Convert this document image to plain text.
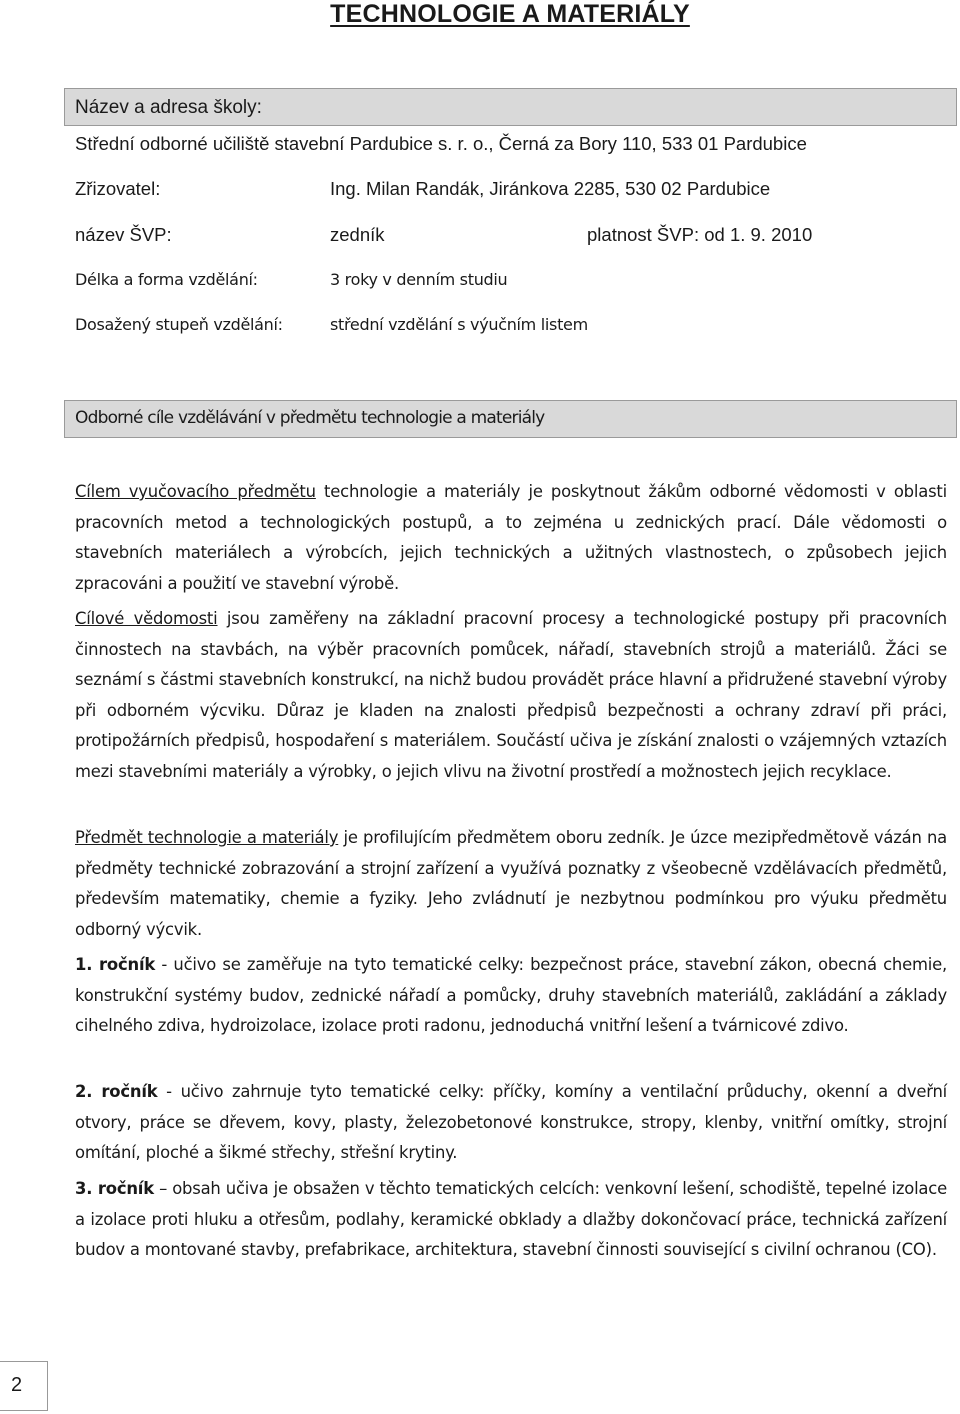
TECHNOLOGIE A MATERIÁLY
Název a adresa školy:
Střední odborné učiliště stavební Pardubice s. r. o., Černá za Bory 110, 533 01 Pardubice
Zřizovatel:	Ing. Milan Randák, Jiránkova 2285, 530 02 Pardubice
název ŠVP:	zedník	platnost ŠVP: od 1. 9. 2010
Délka a forma vzdělání:	3 roky v denním studiu
Dosažený stupeň vzdělání:	střední vzdělání s výučním listem
Odborné cíle vzdělávání v předmětu technologie a materiály

Cílem vyučovacího předmětu technologie a materiály je poskytnout žákům odborné vědomosti v oblasti pracovních metod a technologických postupů, a to zejména u zednických prací. Dále vědomosti o stavebních materiálech a výrobcích, jejich technických a užitných vlastnostech, o způsobech jejich zpracováni a použití ve stavební výrobě.

Cílové vědomosti jsou zaměřeny na základní pracovní procesy a technologické postupy při pracovních činnostech na stavbách, na výběr pracovních pomůcek, nářadí, stavebních strojů a materiálů. Žáci se seznámí s částmi stavebních konstrukcí, na nichž budou provádět práce hlavní a přidružené stavební výroby při odborném výcviku. Důraz je kladen na znalosti předpisů bezpečnosti a ochrany zdraví při práci, protipožárních předpisů, hospodaření s materiálem. Součástí učiva je získání znalosti o vzájemných vztazích mezi stavebními materiály a výrobky, o jejich vlivu na životní prostředí a možnostech jejich recyklace.

Předmět technologie a materiály je profilujícím předmětem oboru zedník. Je úzce mezipředmětově vázán na předměty technické zobrazování a strojní zařízení a využívá poznatky z všeobecně vzdělávacích předmětů, především matematiky, chemie a fyziky. Jeho zvládnutí je nezbytnou podmínkou pro výuku předmětu odborný výcvik.

1. ročník - učivo se zaměřuje na tyto tematické celky: bezpečnost práce, stavební zákon, obecná chemie, konstrukční systémy budov, zednické nářadí a pomůcky, druhy stavebních materiálů, zakládání a základy cihelného zdiva, hydroizolace, izolace proti radonu, jednoduchá vnitřní lešení a tvárnicové zdivo.

2. ročník - učivo zahrnuje tyto tematické celky: příčky, komíny a ventilační průduchy, okenní a dveřní otvory, práce se dřevem, kovy, plasty, železobetonové konstrukce, stropy, klenby, vnitřní omítky, strojní omítání, ploché a šikmé střechy, střešní krytiny.

3. ročník – obsah učiva je obsažen v těchto tematických celcích: venkovní lešení, schodiště, tepelné izolace a izolace proti hluku a otřesům, podlahy, keramické obklady a dlažby dokončovací práce, technická zařízení budov a montované stavby, prefabrikace, architektura, stavební činnosti související s civilní ochranou (CO).

2
